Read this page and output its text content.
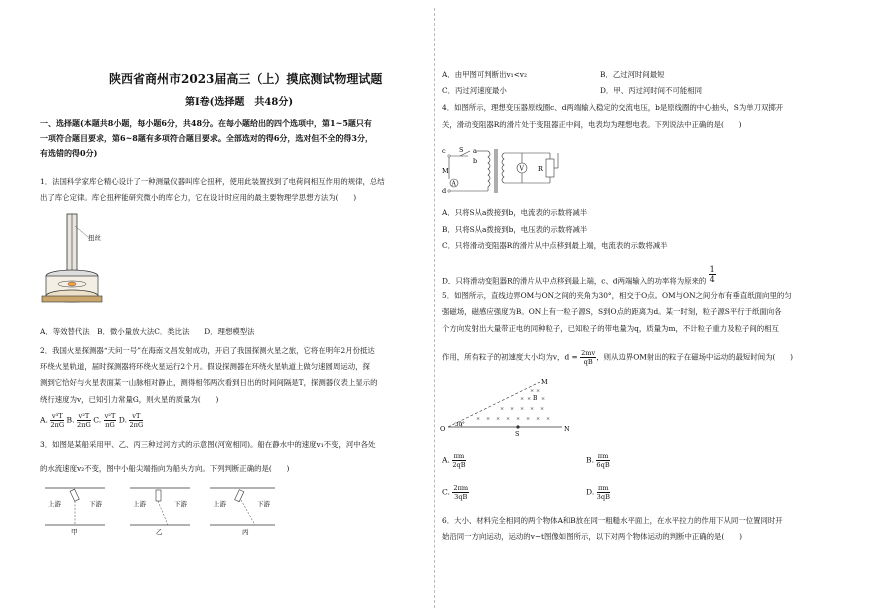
陕西省商州市2023届高三（上）摸底测试物理试题
第Ⅰ卷(选择题　共48分)
一、选择题(本题共8小题，每小题6分，共48分。在每小题给出的四个选项中，第1~5题只有
一项符合题目要求，第6~8题有多项符合题目要求。全部选对的得6分，选对但不全的得3分，
有选错的得0分)
1．法国科学家库仑精心设计了一种测量仪器叫库仑扭秤，使用此装置找到了电荷间相互作用的规律，总结
出了库仑定律。库仑扭秤能研究微小的库仑力，它在设计时应用的最主要物理学思想方法为(　　)
扭丝
A．等效替代法　B．微小量放大法C．类比法　　D．理想模型法
2．我国火星探测器“天问一号”在海南文昌发射成功，开启了我国探测火星之旅，它将在明年2月份抵达
环绕火星轨道，届时探测器将环绕火星运行2个月。假设探测器在环绕火星轨道上做匀速圆周运动，探
测到它恰好与火星表面某一山脉相对静止，测得相邻两次看到日出的时间间隔是T，探测器仪表上显示的
绕行速度为v，已知引力常量G，则火星的质量为(　　)
A. $\frac{\text{v³T}}{2\pi G} B$. $\frac{\text{v²T}}{2\pi G} C$. $\frac{\text{v²T}}{\pi G} D$. $\frac{vT}{2\pi G}$
3．如图是某船采用甲、乙、丙三种过河方式的示意图(河宽相同)。船在静水中的速度v₁不变，河中各处
的水流速度v₂不变，图中小船尖端指向为船头方向。下列判断正确的是(　　)
上游	下游
甲
上游	下游
乙
上游	下游
丙
A．由甲图可判断出v₁<v₂	B．乙过河时间最短
C．丙过河速度最小	D．甲、丙过河时间不可能相同
4．如图所示，理想变压器原线圈c、d两端输入稳定的交流电压，b是原线圈的中心抽头，S为单刀双掷开
关，滑动变阻器R的滑片处于变阻器正中间，电表均为理想电表。下列说法中正确的是(　　)
c
d
M
S a
b
A
V R
A．只将S从a拨接到b，电流表的示数将减半
B．只将S从a拨接到b，电压表的示数将减半
C．只将滑动变阻器R的滑片从中点移到最上端，电流表的示数将减半
D．只将滑动变阻器R的滑片从中点移到最上端，c、d两端输入的功率将为原来的 $\frac{1}{4}$
5．如图所示，直线边界OM与ON之间的夹角为30°，相交于O点。OM与ON之间分布有垂直纸面向里的匀
强磁场，磁感应强度为B。ON上有一粒子源S，S到O点的距离为d。某一时刻，粒子源S平行于纸面向各
个方向发射出大量带正电的同种粒子，已知粒子的带电量为q，质量为m，不计粒子重力及粒子间的相互
作用，所有粒子的初速度大小均为v，$d = \frac{2mv}{qB}$ ，则从边界OM射出的粒子在磁场中运动的最短时间为(　　)
O 30°
M
N
B
S
× ×
× × ×
× × × × ×
× × × × × × × ×
A. $\frac{\pi m}{2qB}$	B. $\frac{\pi m}{6qB}$
C. $\frac{2\pi m}{3qB}$	D. $\frac{\pi m}{3qB}$
6．大小、材料完全相同的两个物体A和B放在同一粗糙水平面上，在水平拉力的作用下从同一位置同时开
始沿同一方向运动，运动的v−t图像如图所示，以下对两个物体运动的判断中正确的是(　　)
